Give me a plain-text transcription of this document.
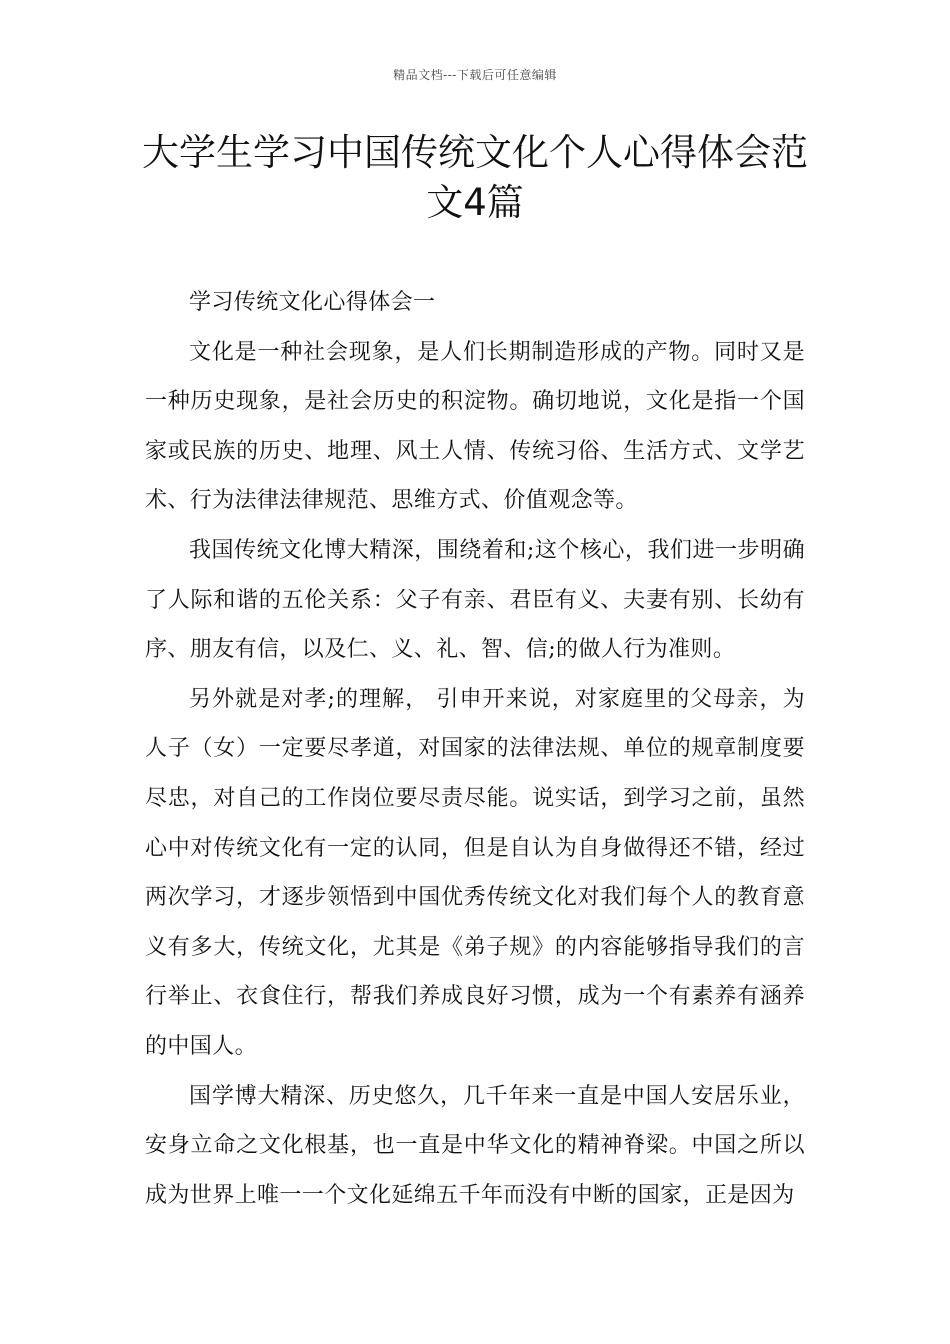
精品文档---下载后可任意编辑
大学生学习中国传统文化个人心得体会范文4篇

学习传统文化心得体会一

文化是一种社会现象，是人们长期制造形成的产物。同时又是一种历史现象，是社会历史的积淀物。确切地说，文化是指一个国家或民族的历史、地理、风土人情、传统习俗、生活方式、文学艺术、行为法律法律规范、思维方式、价值观念等。

我国传统文化博大精深，围绕着和;这个核心，我们进一步明确了人际和谐的五伦关系：父子有亲、君臣有义、夫妻有别、长幼有序、朋友有信，以及仁、义、礼、智、信;的做人行为准则。

另外就是对孝;的理解， 引申开来说，对家庭里的父母亲，为人子（女）一定要尽孝道，对国家的法律法规、单位的规章制度要尽忠，对自己的工作岗位要尽责尽能。说实话，到学习之前，虽然心中对传统文化有一定的认同，但是自认为自身做得还不错，经过两次学习，才逐步领悟到中国优秀传统文化对我们每个人的教育意义有多大，传统文化，尤其是《弟子规》的内容能够指导我们的言行举止、衣食住行，帮我们养成良好习惯，成为一个有素养有涵养的中国人。

国学博大精深、历史悠久，几千年来一直是中国人安居乐业，安身立命之文化根基，也一直是中华文化的精神脊梁。中国之所以成为世界上唯一一个文化延绵五千年而没有中断的国家，正是因为
